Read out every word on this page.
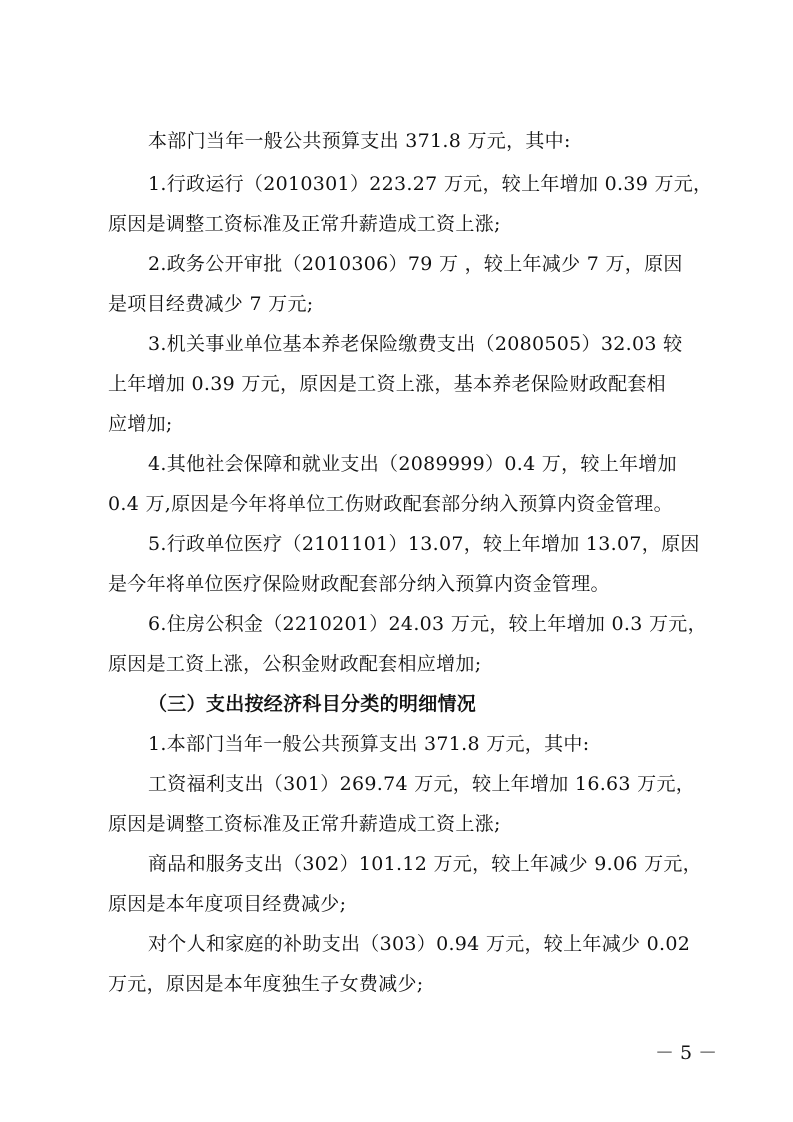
本部门当年一般公共预算支出 371.8 万元，其中:
1.行政运行（2010301）223.27 万元，较上年增加 0.39 万元，
原因是调整工资标准及正常升薪造成工资上涨;
2.政务公开审批（2010306）79 万 ，较上年减少 7 万，原因
是项目经费减少 7 万元;
3.机关事业单位基本养老保险缴费支出（2080505）32.03 较
上年增加 0.39 万元，原因是工资上涨，基本养老保险财政配套相
应增加;
4.其他社会保障和就业支出（2089999）0.4 万，较上年增加
0.4 万,原因是今年将单位工伤财政配套部分纳入预算内资金管理。
5.行政单位医疗（2101101）13.07，较上年增加 13.07，原因
是今年将单位医疗保险财政配套部分纳入预算内资金管理。
6.住房公积金（2210201）24.03 万元，较上年增加 0.3 万元，
原因是工资上涨，公积金财政配套相应增加;
（三）支出按经济科目分类的明细情况
1.本部门当年一般公共预算支出 371.8 万元，其中:
工资福利支出（301）269.74 万元，较上年增加 16.63 万元，
原因是调整工资标准及正常升薪造成工资上涨;
商品和服务支出（302）101.12 万元，较上年减少 9.06 万元，
原因是本年度项目经费减少;
对个人和家庭的补助支出（303）0.94 万元，较上年减少 0.02
万元，原因是本年度独生子女费减少;
－ 5 －
